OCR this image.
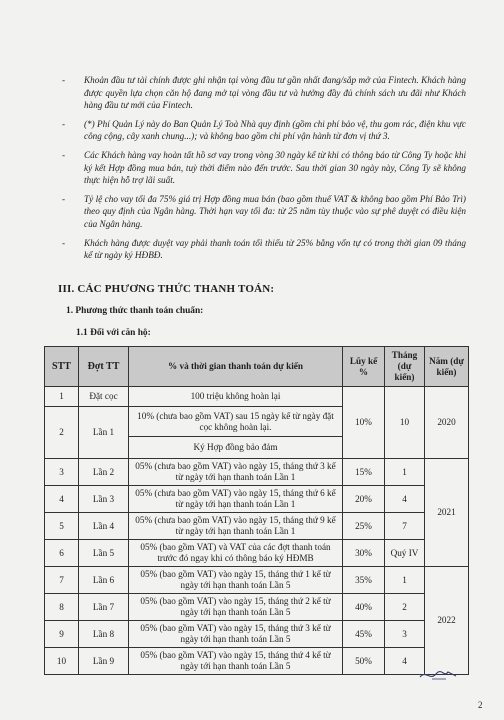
- Khoản đầu tư tài chính được ghi nhận tại vòng đầu tư gần nhất đang/sắp mở của Fintech. Khách hàng được quyền lựa chọn căn hộ đang mở tại vòng đầu tư và hưởng đầy đủ chính sách ưu đãi như Khách hàng đầu tư mới của Fintech.
- (*) Phí Quản Lý này do Ban Quản Lý Toà Nhà quy định (gồm chi phí bảo vệ, thu gom rác, điện khu vực công cộng, cây xanh chung...); và không bao gồm chi phí vận hành từ đơn vị thứ 3.
- Các Khách hàng vay hoàn tất hồ sơ vay trong vòng 30 ngày kể từ khi có thông báo từ Công Ty hoặc khi ký kết Hợp đồng mua bán, tuỳ thời điểm nào đến trước. Sau thời gian 30 ngày này, Công Ty sẽ không thực hiện hỗ trợ lãi suất.
- Tỷ lệ cho vay tối đa 75% giá trị Hợp đồng mua bán (bao gồm thuế VAT & không bao gồm Phí Bảo Trì) theo quy định của Ngân hàng. Thời hạn vay tối đa: từ 25 năm tùy thuộc vào sự phê duyệt có điều kiện của Ngân hàng.
- Khách hàng được duyệt vay phải thanh toán tối thiểu từ 25% bằng vốn tự có trong thời gian 09 tháng kể từ ngày ký HĐBĐ.
III. CÁC PHƯƠNG THỨC THANH TOÁN:
1. Phương thức thanh toán chuẩn:
1.1 Đối với căn hộ:
STT	Đợt TT	% và thời gian thanh toán dự kiến	Lũy kế %	Tháng (dự kiến)	Năm (dự kiến)
1	Đặt cọc	100 triệu không hoàn lại	10%	10	2020
2	Lần 1	10% (chưa bao gồm VAT) sau 15 ngày kể từ ngày đặt cọc không hoàn lại.			
		Ký Hợp đồng bảo đảm			
3	Lần 2	05% (chưa bao gồm VAT) vào ngày 15, tháng thứ 3 kể từ ngày tới hạn thanh toán Lần 1	15%	1	2021
4	Lần 3	05% (chưa bao gồm VAT) vào ngày 15, tháng thứ 6 kể từ ngày tới hạn thanh toán Lần 1	20%	4	
5	Lần 4	05% (chưa bao gồm VAT) vào ngày 15, tháng thứ 9 kể từ ngày tới hạn thanh toán Lần 1	25%	7	
6	Lần 5	05% (bao gồm VAT) và VAT của các đợt thanh toán trước đó ngay khi có thông báo ký HĐMB	30%	Quý IV	
7	Lần 6	05% (bao gồm VAT) vào ngày 15, tháng thứ 1 kể từ ngày tới hạn thanh toán Lần 5	35%	1	2022
8	Lần 7	05% (bao gồm VAT) vào ngày 15, tháng thứ 2 kể từ ngày tới hạn thanh toán Lần 5	40%	2	
9	Lần 8	05% (bao gồm VAT) vào ngày 15, tháng thứ 3 kể từ ngày tới hạn thanh toán Lần 5	45%	3	
10	Lần 9	05% (bao gồm VAT) vào ngày 15, tháng thứ 4 kể từ ngày tới hạn thanh toán Lần 5	50%	4	
2
